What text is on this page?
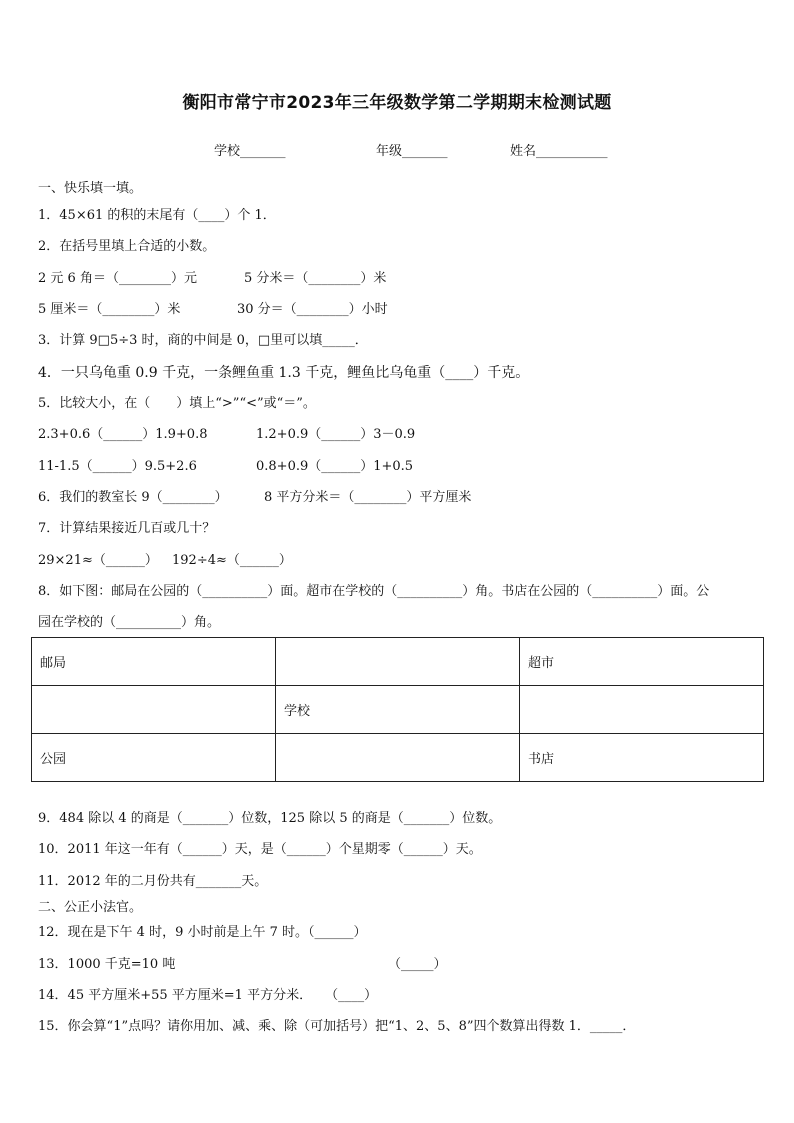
衡阳市常宁市2023年三年级数学第二学期期末检测试题
学校_______	年级_______	姓名___________
一、快乐填一填。
1．45×61 的积的末尾有（____）个 1．
2．在括号里填上合适的小数。
2 元 6 角＝（________）元	5 分米＝（________）米
5 厘米＝（________）米	30 分＝（________）小时
3．计算 9□5÷3 时，商的中间是 0，□里可以填_____．
4．一只乌龟重 0.9 千克，一条鲤鱼重 1.3 千克，鲤鱼比乌龟重（____）千克。
5．比较大小，在（　　）填上“>”“<”或“＝”。
2.3+0.6（______）1.9+0.8	1.2+0.9（______）3－0.9
11-1.5（______）9.5+2.6	0.8+0.9（______）1+0.5
6．我们的教室长 9（________）	8 平方分米＝（________）平方厘米
7．计算结果接近几百或几十？
29×21≈（______） 192÷4≈（______）
8．如下图：邮局在公园的（__________）面。超市在学校的（__________）角。书店在公园的（__________）面。公
园在学校的（__________）角。
邮局		超市
	学校	
公园		书店
9．484 除以 4 的商是（_______）位数，125 除以 5 的商是（_______）位数。
10．2011 年这一年有（______）天，是（______）个星期零（______）天。
11．2012 年的二月份共有_______天。
二、公正小法官。
12．现在是下午 4 时，9 小时前是上午 7 时。（______）
13．1000 千克=10 吨	（_____）
14．45 平方厘米+55 平方厘米=1 平方分米．　　（____）
15．你会算“1”点吗？请你用加、减、乘、除（可加括号）把“1、2、5、8”四个数算出得数 1．_____．
